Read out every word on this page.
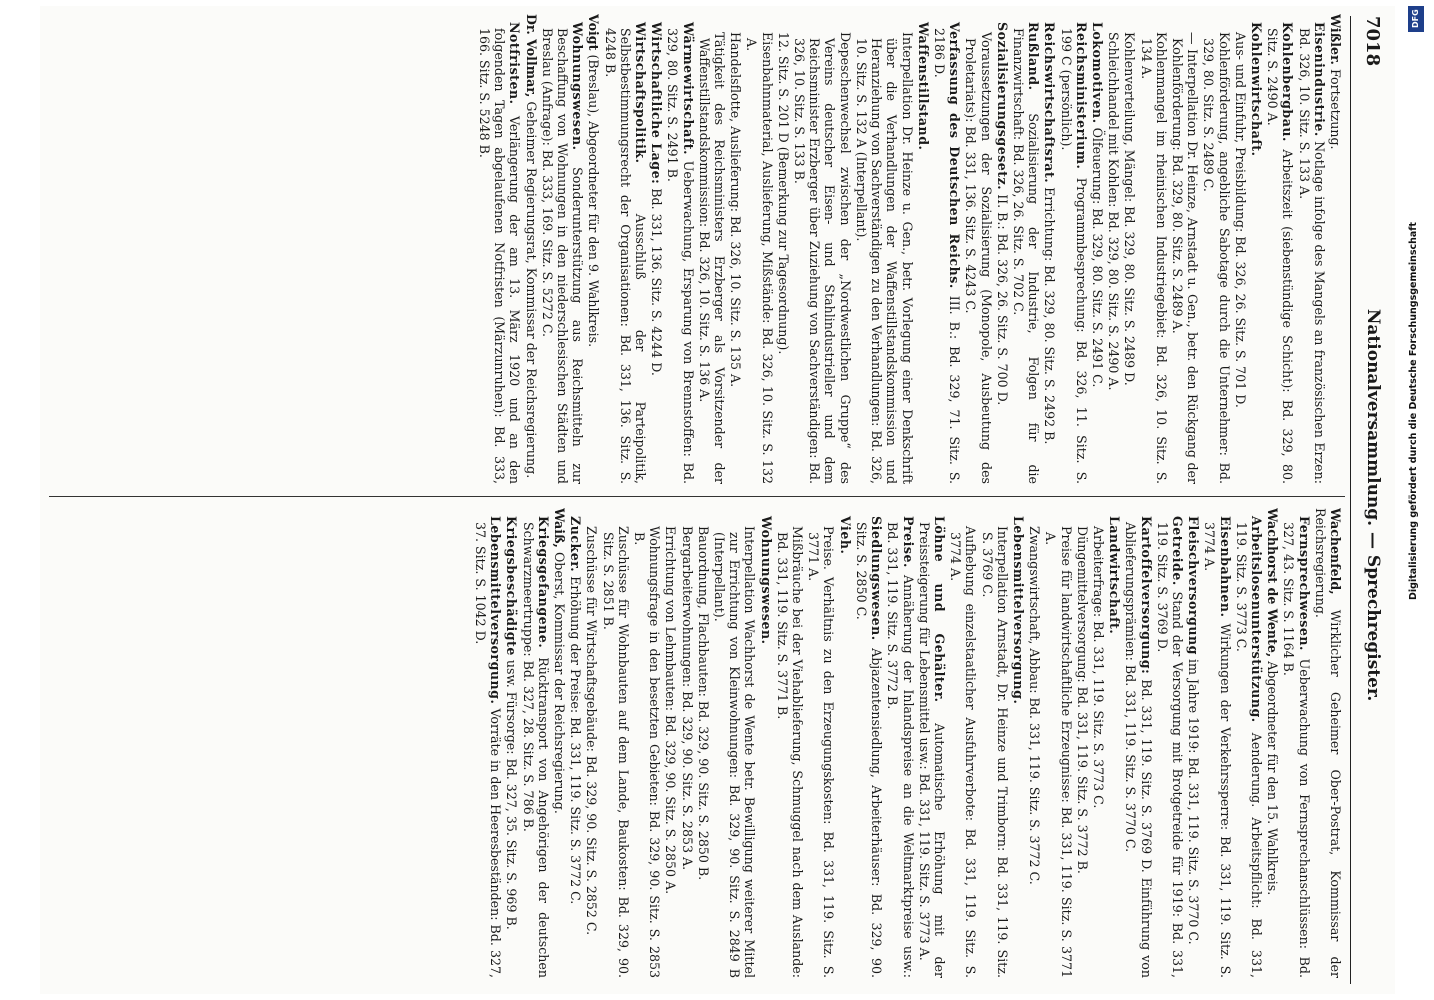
7018
Nationalversammlung. — Sprechregister.
Wißler. Fortsetzung.
Eisenindustrie. Notlage infolge des Mangels an französischen Erzen: Bd. 326, 10. Sitz. S. 133 A.
Kohlenbergbau. Arbeitszeit (siebenstündige Schicht): Bd. 329, 80. Sitz. S. 2490 A.
Kohlenwirtschaft.
Aus- und Einfuhr, Preisbildung: Bd. 326, 26. Sitz. S. 701 D.
Kohlenförderung, angebliche Sabotage durch die Unternehmer: Bd. 329, 80. Sitz. S. 2489 C.
— Interpellation Dr. Heinze, Arnstadt u. Gen., betr. den Rückgang der Kohlenförderung: Bd. 329, 80. Sitz. S. 2489 A.
Kohlenmangel im rheinischen Industriegebiet: Bd. 326, 10. Sitz. S. 134 A.
Kohlenverteilung, Mängel: Bd. 329, 80. Sitz. S. 2489 D.
Schleichhandel mit Kohlen: Bd. 329, 80. Sitz. S. 2490 A.
Lokomotiven. Ölfeuerung: Bd. 329, 80. Sitz. S. 2491 C.
Reichsministerium. Programmbesprechung: Bd. 326, 11. Sitz. S. 199 C (persönlich).
Reichswirtschaftsrat. Errichtung: Bd. 329, 80. Sitz. S. 2492 B.
Rußland. Sozialisierung der Industrie, Folgen für die Finanzwirtschaft: Bd. 326, 26. Sitz. S. 702 C.
Sozialisierungsgesetz. II. B.: Bd. 326, 26. Sitz. S. 700 D.
Voraussetzungen der Sozialisierung (Monopole, Ausbeutung des Proletariats): Bd. 331, 136. Sitz. S. 4243 C.
Verfassung des Deutschen Reichs. III. B.: Bd. 329, 71. Sitz. S. 2186 D.
Waffenstillstand.
Interpellation Dr. Heinze u. Gen., betr. Vorlegung einer Denkschrift über die Verhandlungen der Waffenstillstandskommission und Heranziehung von Sachverständigen zu den Verhandlungen: Bd. 326, 10. Sitz. S. 132 A (Interpellant).
Depeschenwechsel zwischen der „Nordwestlichen Gruppe“ des Vereins deutscher Eisen- und Stahlindustrieller und dem Reichsminister Erzberger über Zuziehung von Sachverständigen: Bd. 326, 10. Sitz. S. 133 B.
12. Sitz. S. 201 D (Bemerkung zur Tagesordnung).
Eisenbahnmaterial, Auslieferung, Mißstände: Bd. 326, 10. Sitz. S. 132 A.
Handelsflotte, Auslieferung: Bd. 326, 10. Sitz. S. 135 A.
Tätigkeit des Reichsministers Erzberger als Vorsitzender der Waffenstillstandskommission: Bd. 326, 10. Sitz. S. 136 A.
Wärmewirtschaft. Ueberwachung, Ersparung von Brennstoffen: Bd. 329, 80. Sitz. S. 2491 B.
Wirtschaftliche Lage: Bd. 331, 136. Sitz. S. 4244 D.
Wirtschaftspolitik. Ausschluß der Parteipolitik, Selbstbestimmungsrecht der Organisationen: Bd. 331, 136. Sitz. S. 4248 B.
Voigt (Breslau), Abgeordneter für den 9. Wahlkreis.
Wohnungswesen. Sonderunterstützung aus Reichsmitteln zur Beschaffung von Wohnungen in den niederschlesischen Städten und Breslau (Anfrage): Bd. 333, 169. Sitz. S. 5272 C.
Dr. Vollmar, Geheimer Regierungsrat, Kommissar der Reichsregierung.
Notfristen. Verlängerung der am 13. März 1920 und an den folgenden Tagen abgelaufenen Notfristen (Märzunruhen): Bd. 333, 166. Sitz. S. 5248 B.
Wachenfeld, Wirklicher Geheimer Ober-Postrat, Kommissar der Reichsregierung.
Fernsprechwesen. Ueberwachung von Fernsprechanschlüssen: Bd. 327, 43. Sitz. S. 1164 B.
Wachhorst de Wente, Abgeordneter für den 15. Wahlkreis.
Arbeitslosenunterstützung. Aenderung. Arbeitspflicht: Bd. 331, 119. Sitz. S. 3773 C.
Eisenbahnen. Wirkungen der Verkehrssperre: Bd. 331, 119. Sitz. S. 3774 A.
Fleischversorgung im Jahre 1919: Bd. 331, 119. Sitz. S. 3770 C.
Getreide. Stand der Versorgung mit Brotgetreide für 1919: Bd. 331, 119. Sitz. S. 3769 D.
Kartoffelversorgung: Bd. 331, 119. Sitz. S. 3769 D. Einführung von Ablieferungsprämien: Bd. 331, 119. Sitz. S. 3770 C.
Landwirtschaft.
Arbeiterfrage: Bd. 331, 119. Sitz. S. 3773 C.
Düngemittelversorgung: Bd. 331, 119. Sitz. S. 3772 B.
Preise für landwirtschaftliche Erzeugnisse: Bd. 331, 119. Sitz. S. 3771 A.
Zwangswirtschaft, Abbau: Bd. 331, 119. Sitz. S. 3772 C.
Lebensmittelversorgung.
Interpellation Arnstadt, Dr. Heinze und Trimborn: Bd. 331, 119. Sitz. S. 3769 C.
Aufhebung einzelstaatlicher Ausfuhrverbote: Bd. 331, 119. Sitz. S. 3774 A.
Löhne und Gehälter. Automatische Erhöhung mit der Preissteigerung für Lebensmittel usw.: Bd. 331, 119. Sitz. S. 3773 A.
Preise. Annäherung der Inlandspreise an die Weltmarktpreise usw.: Bd. 331, 119. Sitz. S. 3772 B.
Siedlungswesen. Abjazentensiedlung, Arbeiterhäuser: Bd. 329, 90. Sitz. S. 2850 C.
Vieh.
Preise. Verhältnis zu den Erzeugungskosten: Bd. 331, 119. Sitz. S. 3771 A.
Mißbräuche bei der Viehablieferung, Schmuggel nach dem Auslande: Bd. 331, 119. Sitz. S. 3771 B.
Wohnungswesen.
Interpellation Wachhorst de Wente betr. Bewilligung weiterer Mittel zur Errichtung von Kleinwohnungen: Bd. 329, 90. Sitz. S. 2849 B (Interpellant).
Bauordnung, Flachbauten: Bd. 329, 90. Sitz. S. 2850 B.
Bergarbeiterwohnungen: Bd. 329, 90. Sitz. S. 2853 A.
Errichtung von Lehmbauten: Bd. 329, 90. Sitz. S. 2850 A.
Wohnungsfrage in den besetzten Gebieten: Bd. 329, 90. Sitz. S. 2853 B.
Zuschüsse für Wohnbauten auf dem Lande, Baukosten: Bd. 329, 90. Sitz. S. 2851 B.
Zuschüsse für Wirtschaftsgebäude: Bd. 329, 90. Sitz. S. 2852 C.
Zucker. Erhöhung der Preise: Bd. 331, 119. Sitz. S. 3772 C.
Waiß, Oberst, Kommissar der Reichsregierung.
Kriegsgefangene. Rücktransport von Angehörigen der deutschen Schwarzmeertruppe: Bd. 327, 28. Sitz. S. 786 B.
Kriegsbeschädigte usw. Fürsorge: Bd. 327, 35. Sitz. S. 969 B.
Lebensmittelversorgung. Vorräte in den Heeresbeständen: Bd. 327, 37. Sitz. S. 1042 D.
DFG
Digitalisierung gefördert durch die Deutsche Forschungsgemeinschaft
